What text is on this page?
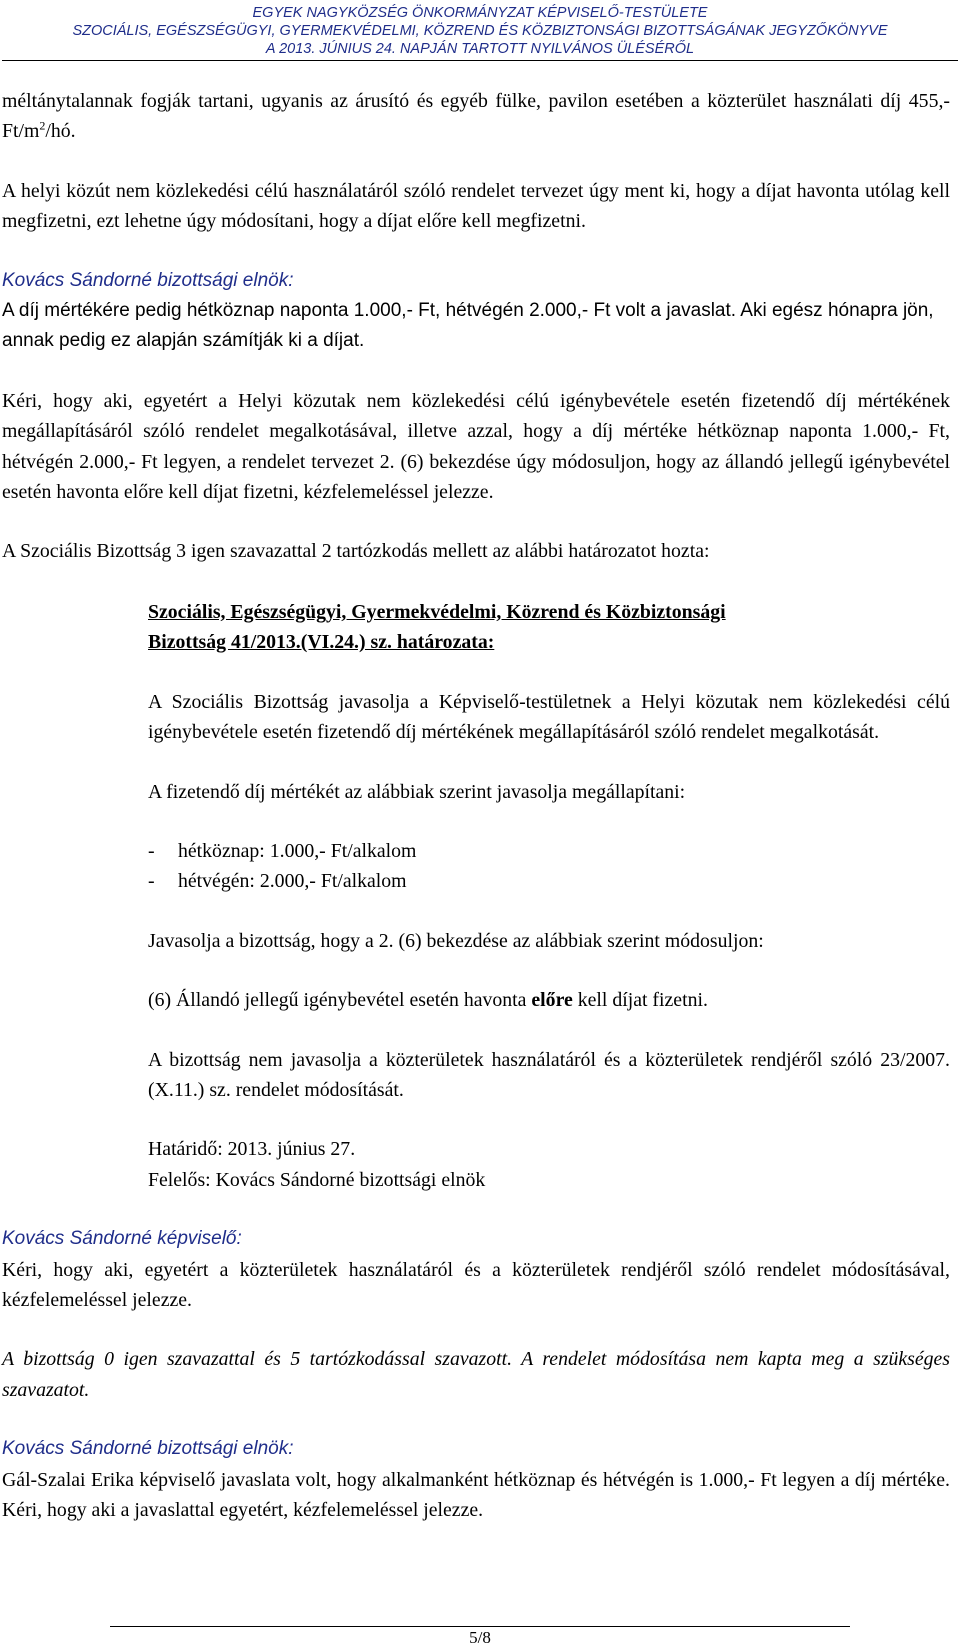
EGYEK NAGYKÖZSÉG ÖNKORMÁNYZAT KÉPVISELŐ-TESTÜLETE
SZOCIÁLIS, EGÉSZSÉGÜGYI, GYERMEKVÉDELMI, KÖZREND ÉS KÖZBIZTONSÁGI BIZOTTSÁGÁNAK JEGYZŐKÖNYVE
A 2013. JÚNIUS 24. NAPJÁN TARTOTT NYILVÁNOS ÜLÉSÉRŐL

méltánytalannak fogják tartani, ugyanis az árusító és egyéb fülke, pavilon esetében a közterület használati díj 455,- $Ft/m^2/hó$.

A helyi közút nem közlekedési célú használatáról szóló rendelet tervezet úgy ment ki, hogy a díjat havonta utólag kell megfizetni, ezt lehetne úgy módosítani, hogy a díjat előre kell megfizetni.

Kovács Sándorné bizottsági elnök:

A díj mértékére pedig hétköznap naponta 1.000,- Ft, hétvégén 2.000,- Ft volt a javaslat. Aki egész hónapra jön, annak pedig ez alapján számítják ki a díjat.

Kéri, hogy aki, egyetért a Helyi közutak nem közlekedési célú igénybevétele esetén fizetendő díj mértékének megállapításáról szóló rendelet megalkotásával, illetve azzal, hogy a díj mértéke hétköznap naponta 1.000,- Ft, hétvégén 2.000,- Ft legyen, a rendelet tervezet 2. (6) bekezdése úgy módosuljon, hogy az állandó jellegű igénybevétel esetén havonta előre kell díjat fizetni, kézfelemeléssel jelezze.

A Szociális Bizottság 3 igen szavazattal 2 tartózkodás mellett az alábbi határozatot hozta:

Szociális, Egészségügyi, Gyermekvédelmi, Közrend és Közbiztonsági

Bizottság 41/2013.(VI.24.) sz. határozata:

A Szociális Bizottság javasolja a Képviselő-testületnek a Helyi közutak nem közlekedési célú igénybevétele esetén fizetendő díj mértékének megállapításáról szóló rendelet megalkotását.

A fizetendő díj mértékét az alábbiak szerint javasolja megállapítani:

-	hétköznap: 1.000,- Ft/alkalom
-	hétvégén: 2.000,- Ft/alkalom

Javasolja a bizottság, hogy a 2. (6) bekezdése az alábbiak szerint módosuljon:

(6) Állandó jellegű igénybevétel esetén havonta előre kell díjat fizetni.

A bizottság nem javasolja a közterületek használatáról és a közterületek rendjéről szóló 23/2007.(X.11.) sz. rendelet módosítását.

Határidő: 2013. június 27.

Felelős: Kovács Sándorné bizottsági elnök

Kovács Sándorné képviselő:

Kéri, hogy aki, egyetért a közterületek használatáról és a közterületek rendjéről szóló rendelet módosításával, kézfelemeléssel jelezze.

A bizottság 0 igen szavazattal és 5 tartózkodással szavazott. A rendelet módosítása nem kapta meg a szükséges szavazatot.

Kovács Sándorné bizottsági elnök:

Gál-Szalai Erika képviselő javaslata volt, hogy alkalmanként hétköznap és hétvégén is 1.000,- Ft legyen a díj mértéke. Kéri, hogy aki a javaslattal egyetért, kézfelemeléssel jelezze.

5/8
